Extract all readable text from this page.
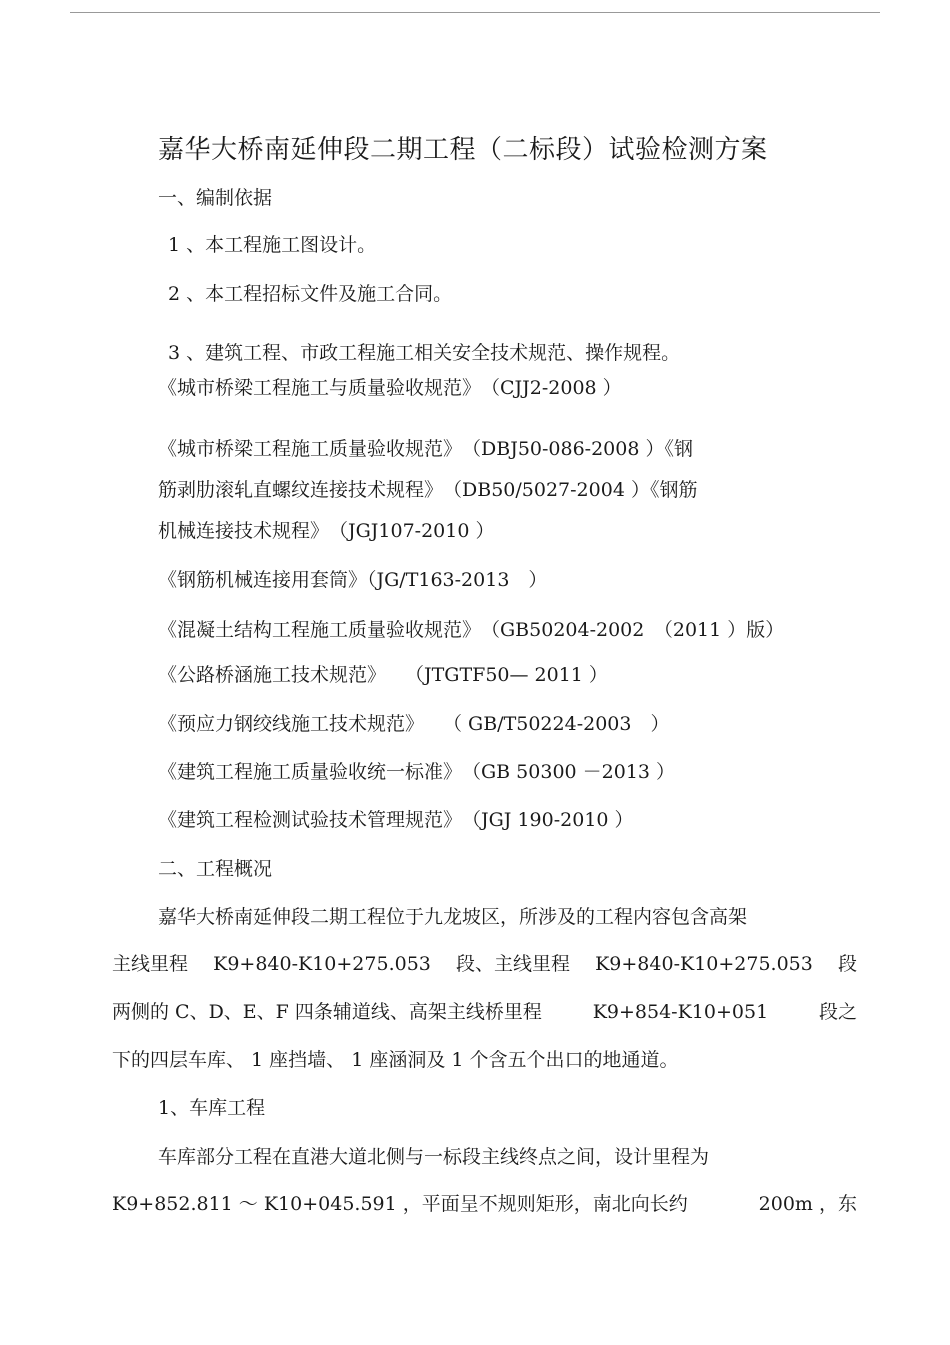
嘉华大桥南延伸段二期工程（二标段）试验检测方案
一、编制依据
1 、本工程施工图设计。
2 、本工程招标文件及施工合同。
3 、建筑工程、市政工程施工相关安全技术规范、操作规程。
《城市桥梁工程施工与质量验收规范》　（CJJ2-2008 ）
《城市桥梁工程施工质量验收规范》　（DBJ50-086-2008 ）《钢
筋剥肋滚轧直螺纹连接技术规程》　（DB50/5027-2004 ）《钢筋
机械连接技术规程》　（JGJ107-2010 ）
《钢筋机械连接用套筒》（JG/T163-2013　）
《混凝土结构工程施工质量验收规范》　（GB50204-2002　（2011 ）版）
《公路桥涵施工技术规范》　　（JTGTF50— 2011 ）
《预应力钢绞线施工技术规范》　　（ GB/T50224-2003　）
《建筑工程施工质量验收统一标准》　（GB 50300 －2013 ）
《建筑工程检测试验技术管理规范》　（JGJ 190-2010 ）
二、工程概况
嘉华大桥南延伸段二期工程位于九龙坡区，所涉及的工程内容包含高架
主线里程 K9+840-K10+275.053 段、主线里程 K9+840-K10+275.053 段
两侧的 C、D、E、F 四条辅道线、高架主线桥里程	K9+854-K10+051	段之
下的四层车库、 1 座挡墙、 1 座涵洞及 1 个含五个出口的地通道。
1、车库工程
车库部分工程在直港大道北侧与一标段主线终点之间，设计里程为
K9+852.811 ～ K10+045.591 ，平面呈不规则矩形，南北向长约	200m ，东
